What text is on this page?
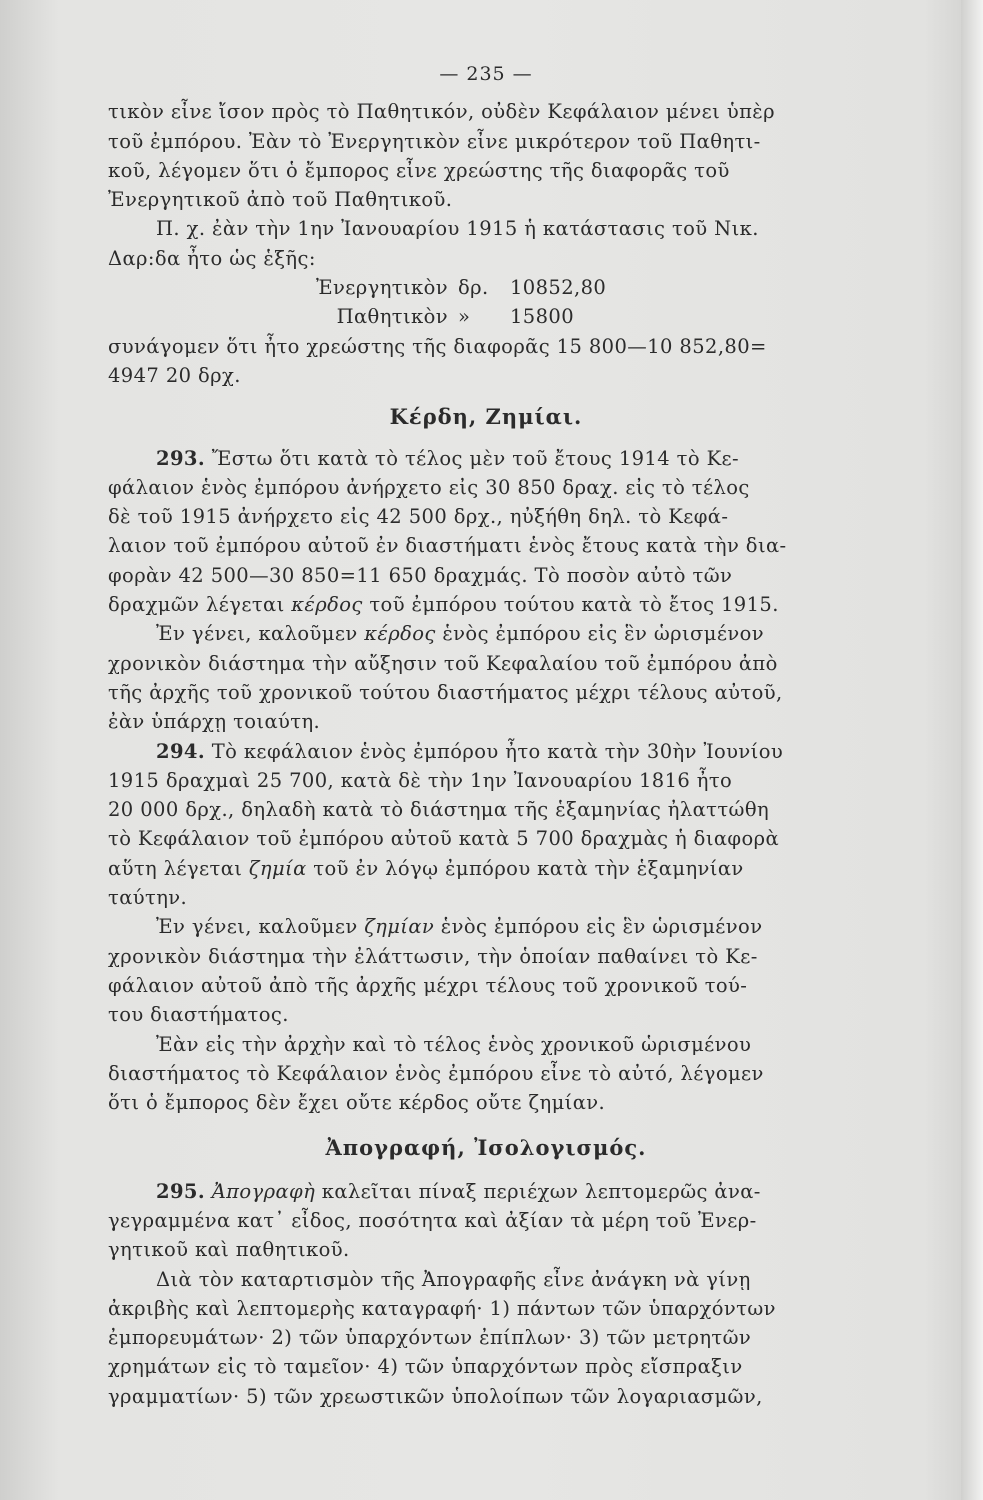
— 235 —
τικὸν εἶνε ἴσον πρὸς τὸ Παθητικόν, οὐδὲν Κεφάλαιον μένει ὑπὲρ
τοῦ ἐμπόρου. Ἐὰν τὸ Ἐνεργητικὸν εἶνε μικρότερον τοῦ Παθητι-
κοῦ, λέγομεν ὅτι ὁ ἔμπορος εἶνε χρεώστης τῆς διαφορᾶς τοῦ
Ἐνεργητικοῦ ἀπὸ τοῦ Παθητικοῦ.
Π. χ. ἐὰν τὴν 1ην Ἰανουαρίου 1915 ἡ κατάστασις τοῦ Νικ.
Δαρ:δα ἦτο ὡς ἑξῆς:
Ἐνεργητικὸν δρ. 10852,80
Παθητικὸν » 15800
συνάγομεν ὅτι ἦτο χρεώστης τῆς διαφορᾶς 15 800—10 852,80=
4947 20 δρχ.
Κέρδη, Ζημίαι.
293. Ἔστω ὅτι κατὰ τὸ τέλος μὲν τοῦ ἔτους 1914 τὸ Κε-
φάλαιον ἑνὸς ἐμπόρου ἀνήρχετο εἰς 30 850 δραχ. εἰς τὸ τέλος
δὲ τοῦ 1915 ἀνήρχετο εἰς 42 500 δρχ., ηὐξήθη δηλ. τὸ Κεφά-
λαιον τοῦ ἐμπόρου αὐτοῦ ἐν διαστήματι ἑνὸς ἔτους κατὰ τὴν δια-
φορὰν 42 500—30 850=11 650 δραχμάς. Τὸ ποσὸν αὐτὸ τῶν
δραχμῶν λέγεται κέρδος τοῦ ἐμπόρου τούτου κατὰ τὸ ἔτος 1915.
Ἐν γένει, καλοῦμεν κέρδος ἑνὸς ἐμπόρου εἰς ἓν ὡρισμένον
χρονικὸν διάστημα τὴν αὔξησιν τοῦ Κεφαλαίου τοῦ ἐμπόρου ἀπὸ
τῆς ἀρχῆς τοῦ χρονικοῦ τούτου διαστήματος μέχρι τέλους αὐτοῦ,
ἐὰν ὑπάρχῃ τοιαύτη.
294. Τὸ κεφάλαιον ἑνὸς ἐμπόρου ἦτο κατὰ τὴν 30ὴν Ἰουνίου
1915 δραχμαὶ 25 700, κατὰ δὲ τὴν 1ην Ἰανουαρίου 1816 ἦτο
20 000 δρχ., δηλαδὴ κατὰ τὸ διάστημα τῆς ἑξαμηνίας ἠλαττώθη
τὸ Κεφάλαιον τοῦ ἐμπόρου αὐτοῦ κατὰ 5 700 δραχμὰς ἡ διαφορὰ
αὕτη λέγεται ζημία τοῦ ἐν λόγῳ ἐμπόρου κατὰ τὴν ἑξαμηνίαν
ταύτην.
Ἐν γένει, καλοῦμεν ζημίαν ἑνὸς ἐμπόρου εἰς ἓν ὡρισμένον
χρονικὸν διάστημα τὴν ἐλάττωσιν, τὴν ὁποίαν παθαίνει τὸ Κε-
φάλαιον αὐτοῦ ἀπὸ τῆς ἀρχῆς μέχρι τέλους τοῦ χρονικοῦ τού-
του διαστήματος.
Ἐὰν εἰς τὴν ἀρχὴν καὶ τὸ τέλος ἑνὸς χρονικοῦ ὡρισμένου
διαστήματος τὸ Κεφάλαιον ἑνὸς ἐμπόρου εἶνε τὸ αὐτό, λέγομεν
ὅτι ὁ ἔμπορος δὲν ἔχει οὔτε κέρδος οὔτε ζημίαν.
Ἀπογραφή, Ἰσολογισμός.
295. Ἀπογραφὴ καλεῖται πίναξ περιέχων λεπτομερῶς ἀνα-
γεγραμμένα κατ᾽ εἶδος, ποσότητα καὶ ἀξίαν τὰ μέρη τοῦ Ἐνερ-
γητικοῦ καὶ παθητικοῦ.
Διὰ τὸν καταρτισμὸν τῆς Ἀπογραφῆς εἶνε ἀνάγκη νὰ γίνῃ
ἀκριβὴς καὶ λεπτομερὴς καταγραφή· 1) πάντων τῶν ὑπαρχόντων
ἐμπορευμάτων· 2) τῶν ὑπαρχόντων ἐπίπλων· 3) τῶν μετρητῶν
χρημάτων εἰς τὸ ταμεῖον· 4) τῶν ὑπαρχόντων πρὸς εἴσπραξιν
γραμματίων· 5) τῶν χρεωστικῶν ὑπολοίπων τῶν λογαριασμῶν,
